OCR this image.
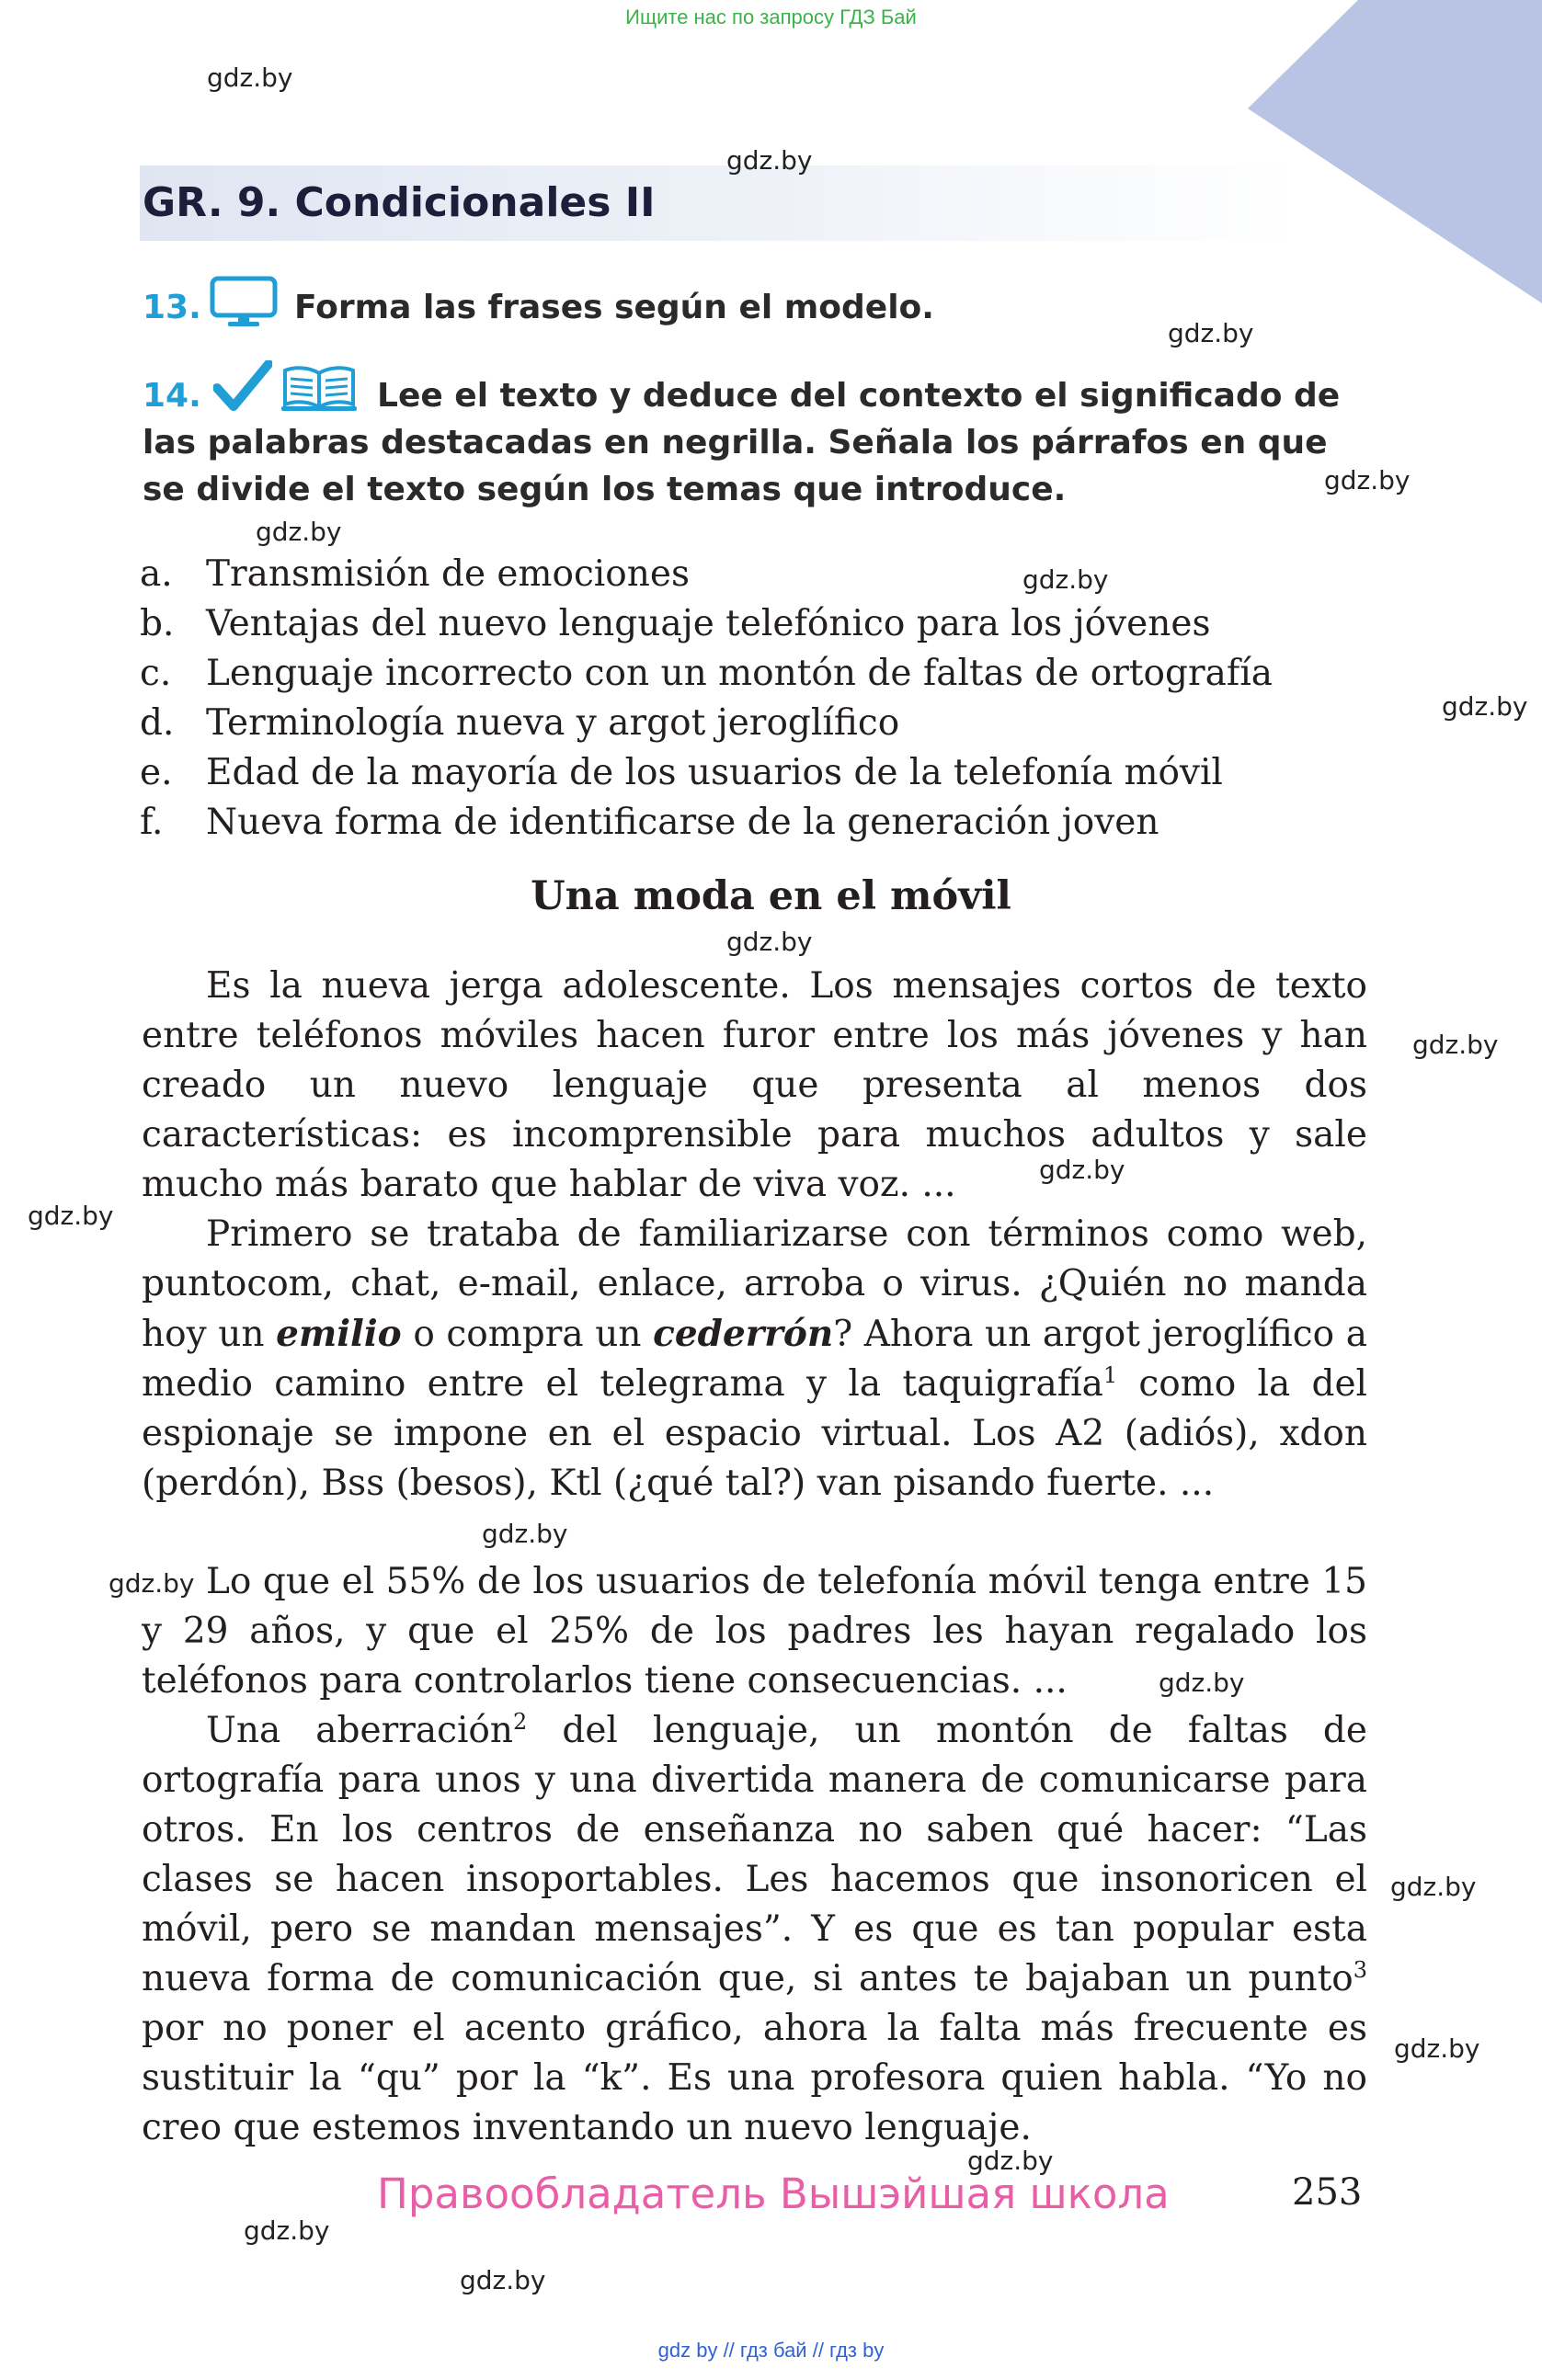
Ищите нас по запросу ГДЗ Бай
GR. 9. Condicionales II
13.	Forma las frases según el modelo.
14.	Lee el texto y deduce del contexto el significado de las palabras destacadas en negrilla. Señala los párrafos en que se divide el texto según los temas que introduce.
a. Transmisión de emociones
b. Ventajas del nuevo lenguaje telefónico para los jóvenes
c. Lenguaje incorrecto con un montón de faltas de ortografía
d. Terminología nueva y argot jeroglífico
e. Edad de la mayoría de los usuarios de la telefonía móvil
f. Nueva forma de identificarse de la generación joven
Una moda en el móvil

Es la nueva jerga adolescente. Los mensajes cortos de texto entre teléfonos móviles hacen furor entre los más jóvenes y han creado un nuevo lenguaje que presenta al menos dos características: es incomprensible para muchos adultos y sale mucho más barato que hablar de viva voz. ...

Primero se trataba de familiarizarse con términos como web, puntocom, chat, e-mail, enlace, arroba o virus. ¿Quién no manda hoy un emilio o compra un cederrón? Ahora un argot jeroglífico a medio camino entre el telegrama y la taquigrafía$^1$ como la del espionaje se impone en el espacio virtual. Los A2 (adiós), xdon (perdón), Bss (besos), Ktl (¿qué tal?) van pisando fuerte. ...

Lo que el 55% de los usuarios de telefonía móvil tenga entre 15 y 29 años, y que el 25% de los padres les hayan regalado los teléfonos para controlarlos tiene consecuencias. ...

Una aberración$^2$ del lenguaje, un montón de faltas de ortografía para unos y una divertida manera de comunicarse para otros. En los centros de enseñanza no saben qué hacer: “Las clases se hacen insoportables. Les hacemos que insonoricen el móvil, pero se mandan mensajes”. Y es que es tan popular esta nueva forma de comunicación que, si antes te bajaban un punto$^3$ por no poner el acento gráfico, ahora la falta más frecuente es sustituir la “qu” por la “k”. Es una profesora quien habla. “Yo no creo que estemos inventando un nuevo lenguaje.

Правообладатель Вышэйшая школа	253
gdz.by
gdz.by
gdz.by
gdz.by
gdz.by
gdz.by
gdz.by
gdz.by
gdz.by
gdz.by
gdz.by
gdz.by
gdz.by
gdz.by
gdz.by
gdz.by
gdz.by
gdz.by
gdz.by
gdz by // гдз бай // гдз by
